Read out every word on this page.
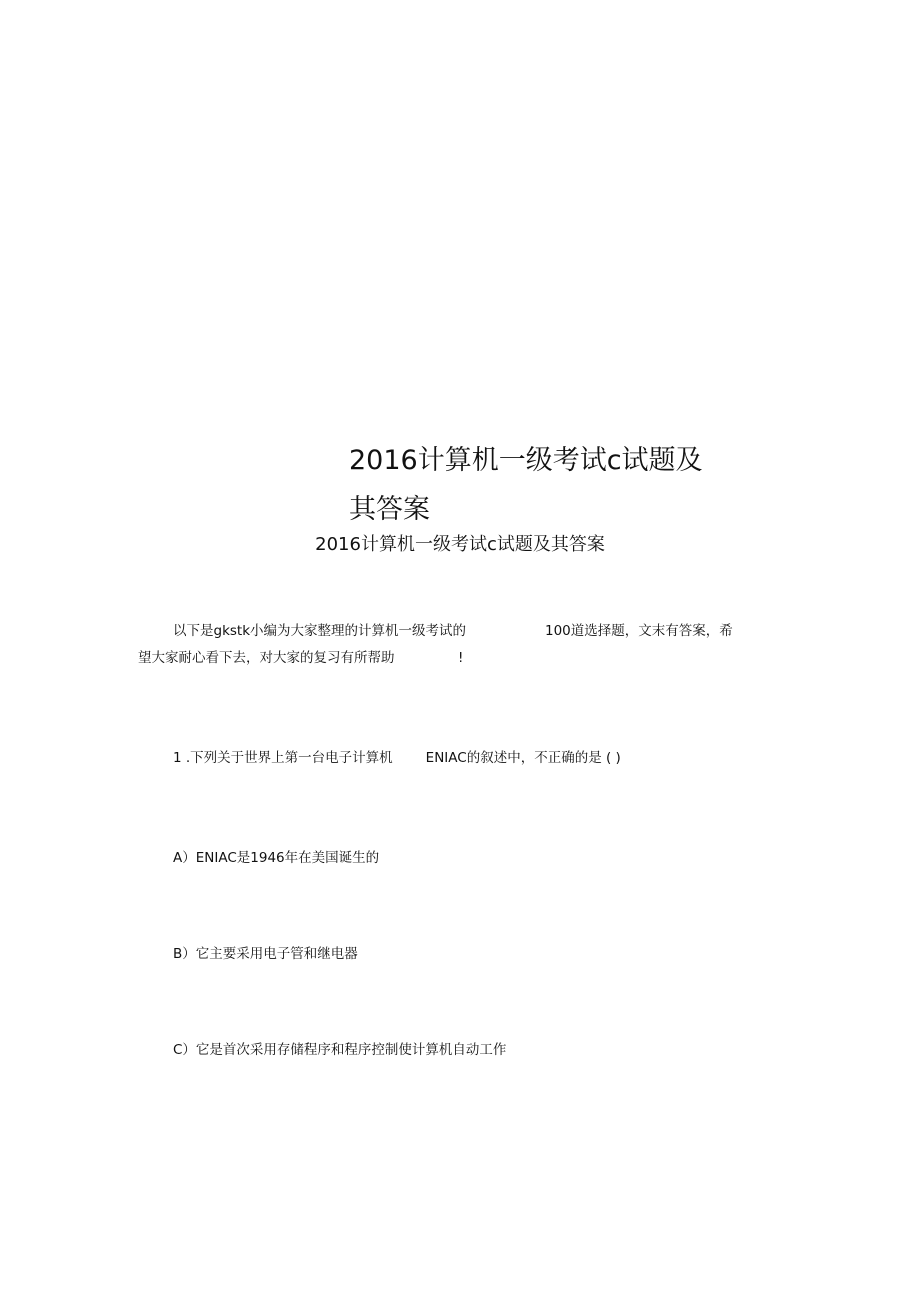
2016计算机一级考试c试题及
其答案
2016计算机一级考试c试题及其答案
以下是gkstk小编为大家整理的计算机一级考试的	100道选择题，文末有答案，希
望大家耐心看下去，对大家的复习有所帮助	!
1 .下列关于世界上第一台电子计算机 ENIAC的叙述中，不正确的是 ( )
A）ENIAC是1946年在美国诞生的
B）它主要采用电子管和继电器
C）它是首次采用存储程序和程序控制使计算机自动工作
